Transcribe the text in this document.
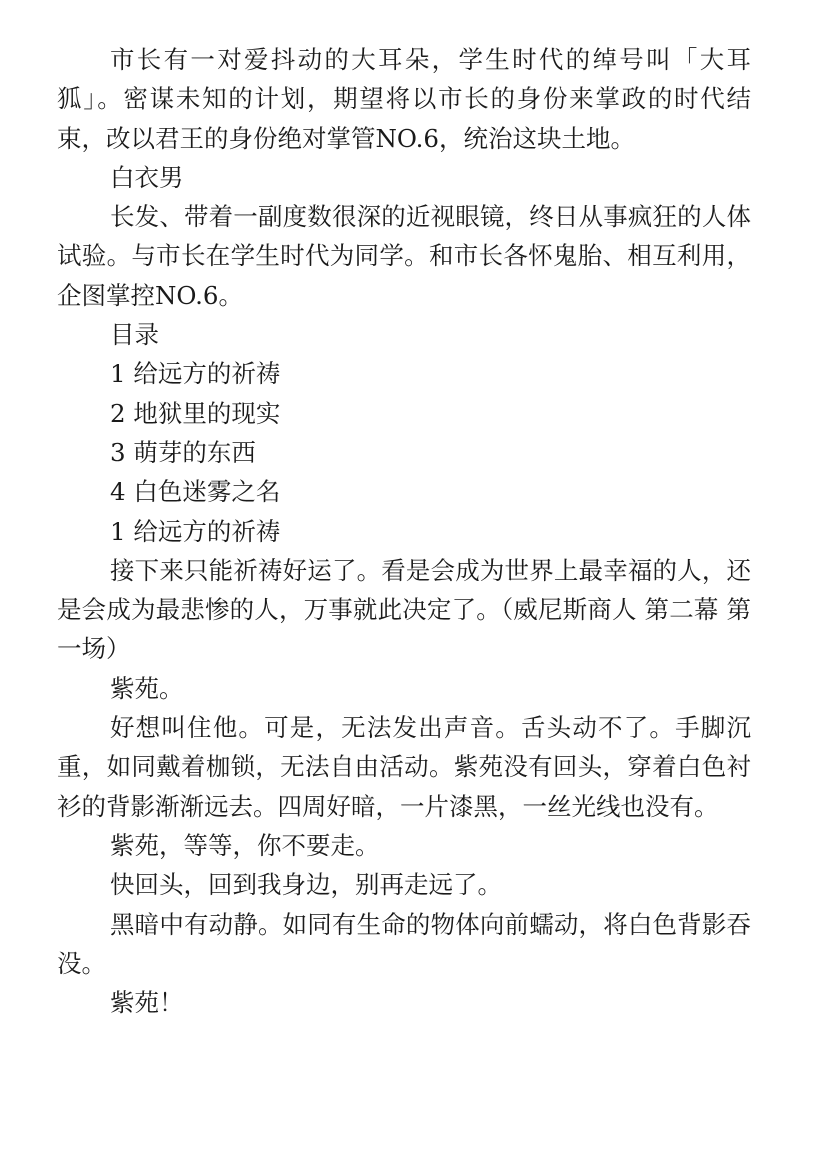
市长有一对爱抖动的大耳朵，学生时代的绰号叫「大耳狐」。密谋未知的计划，期望将以市长的身份来掌政的时代结束，改以君王的身份绝对掌管NO.6，统治这块土地。

白衣男

长发、带着一副度数很深的近视眼镜，终日从事疯狂的人体试验。与市长在学生时代为同学。和市长各怀鬼胎、相互利用，企图掌控NO.6。

目录

1 给远方的祈祷

2 地狱里的现实

3 萌芽的东西

4 白色迷雾之名

1 给远方的祈祷

接下来只能祈祷好运了。看是会成为世界上最幸福的人，还是会成为最悲惨的人，万事就此决定了。（威尼斯商人 第二幕 第一场）

紫苑。

好想叫住他。可是，无法发出声音。舌头动不了。手脚沉重，如同戴着枷锁，无法自由活动。紫苑没有回头，穿着白色衬衫的背影渐渐远去。四周好暗，一片漆黑，一丝光线也没有。

紫苑，等等，你不要走。

快回头，回到我身边，别再走远了。

黑暗中有动静。如同有生命的物体向前蠕动，将白色背影吞没。

紫苑！
